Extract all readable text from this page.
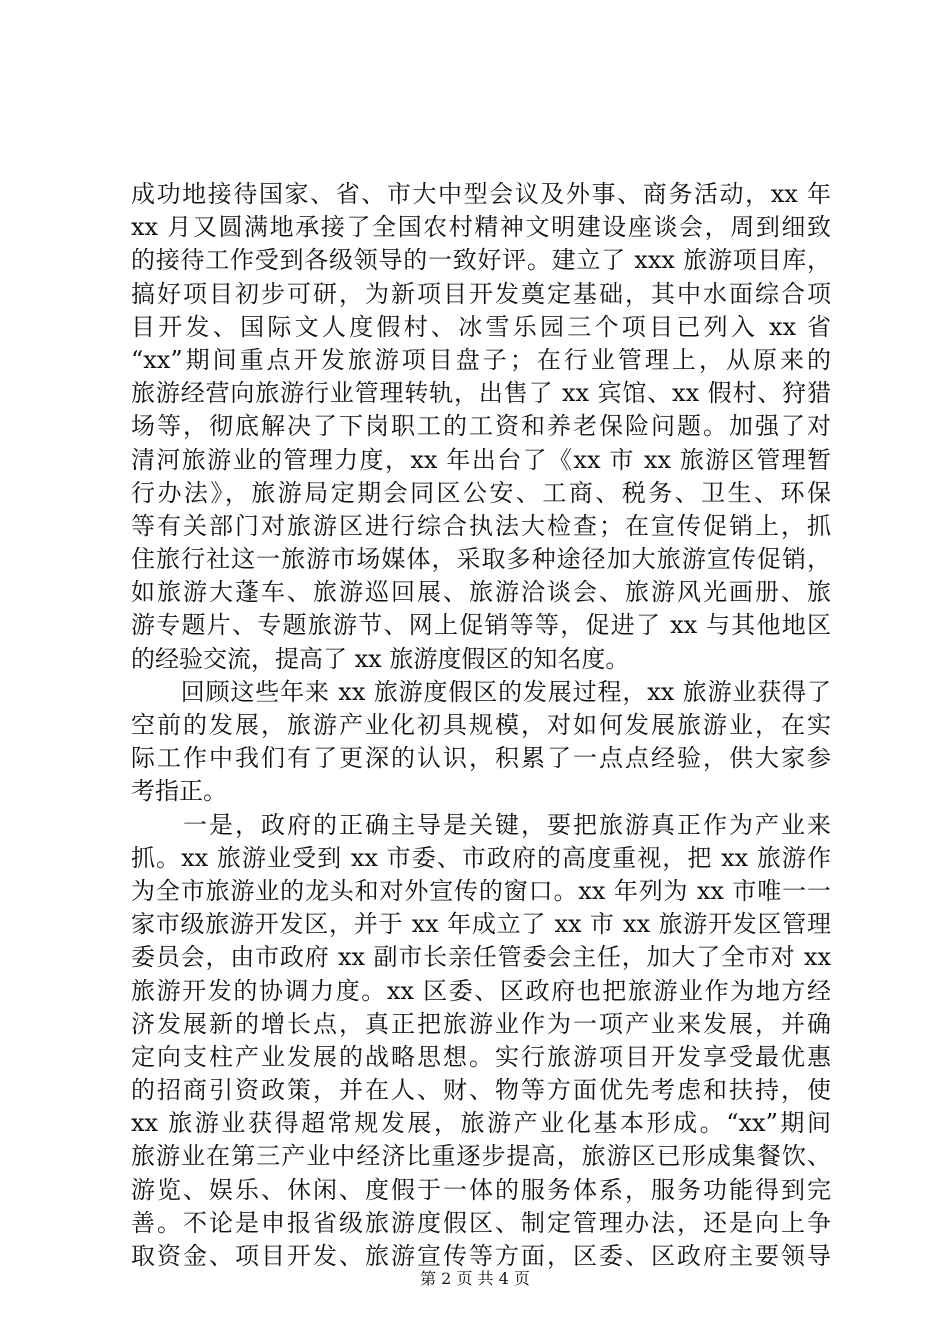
成功地接待国家、省、市大中型会议及外事、商务活动，xx 年
xx 月又圆满地承接了全国农村精神文明建设座谈会，周到细致
的接待工作受到各级领导的一致好评。建立了 xxx 旅游项目库，
搞好项目初步可研，为新项目开发奠定基础，其中水面综合项
目开发、国际文人度假村、冰雪乐园三个项目已列入 xx 省
“xx”期间重点开发旅游项目盘子；在行业管理上，从原来的
旅游经营向旅游行业管理转轨，出售了 xx 宾馆、xx 假村、狩猎
场等，彻底解决了下岗职工的工资和养老保险问题。加强了对
清河旅游业的管理力度，xx 年出台了《xx 市 xx 旅游区管理暂
行办法》，旅游局定期会同区公安、工商、税务、卫生、环保
等有关部门对旅游区进行综合执法大检查；在宣传促销上，抓
住旅行社这一旅游市场媒体，采取多种途径加大旅游宣传促销，
如旅游大蓬车、旅游巡回展、旅游洽谈会、旅游风光画册、旅
游专题片、专题旅游节、网上促销等等，促进了 xx 与其他地区
的经验交流，提高了 xx 旅游度假区的知名度。
　　回顾这些年来 xx 旅游度假区的发展过程，xx 旅游业获得了
空前的发展，旅游产业化初具规模，对如何发展旅游业，在实
际工作中我们有了更深的认识，积累了一点点经验，供大家参
考指正。
　　一是，政府的正确主导是关键，要把旅游真正作为产业来
抓。xx 旅游业受到 xx 市委、市政府的高度重视，把 xx 旅游作
为全市旅游业的龙头和对外宣传的窗口。xx 年列为 xx 市唯一一
家市级旅游开发区，并于 xx 年成立了 xx 市 xx 旅游开发区管理
委员会，由市政府 xx 副市长亲任管委会主任，加大了全市对 xx
旅游开发的协调力度。xx 区委、区政府也把旅游业作为地方经
济发展新的增长点，真正把旅游业作为一项产业来发展，并确
定向支柱产业发展的战略思想。实行旅游项目开发享受最优惠
的招商引资政策，并在人、财、物等方面优先考虑和扶持，使
xx 旅游业获得超常规发展，旅游产业化基本形成。“xx”期间
旅游业在第三产业中经济比重逐步提高，旅游区已形成集餐饮、
游览、娱乐、休闲、度假于一体的服务体系，服务功能得到完
善。不论是申报省级旅游度假区、制定管理办法，还是向上争
取资金、项目开发、旅游宣传等方面，区委、区政府主要领导
第 2 页 共 4 页
